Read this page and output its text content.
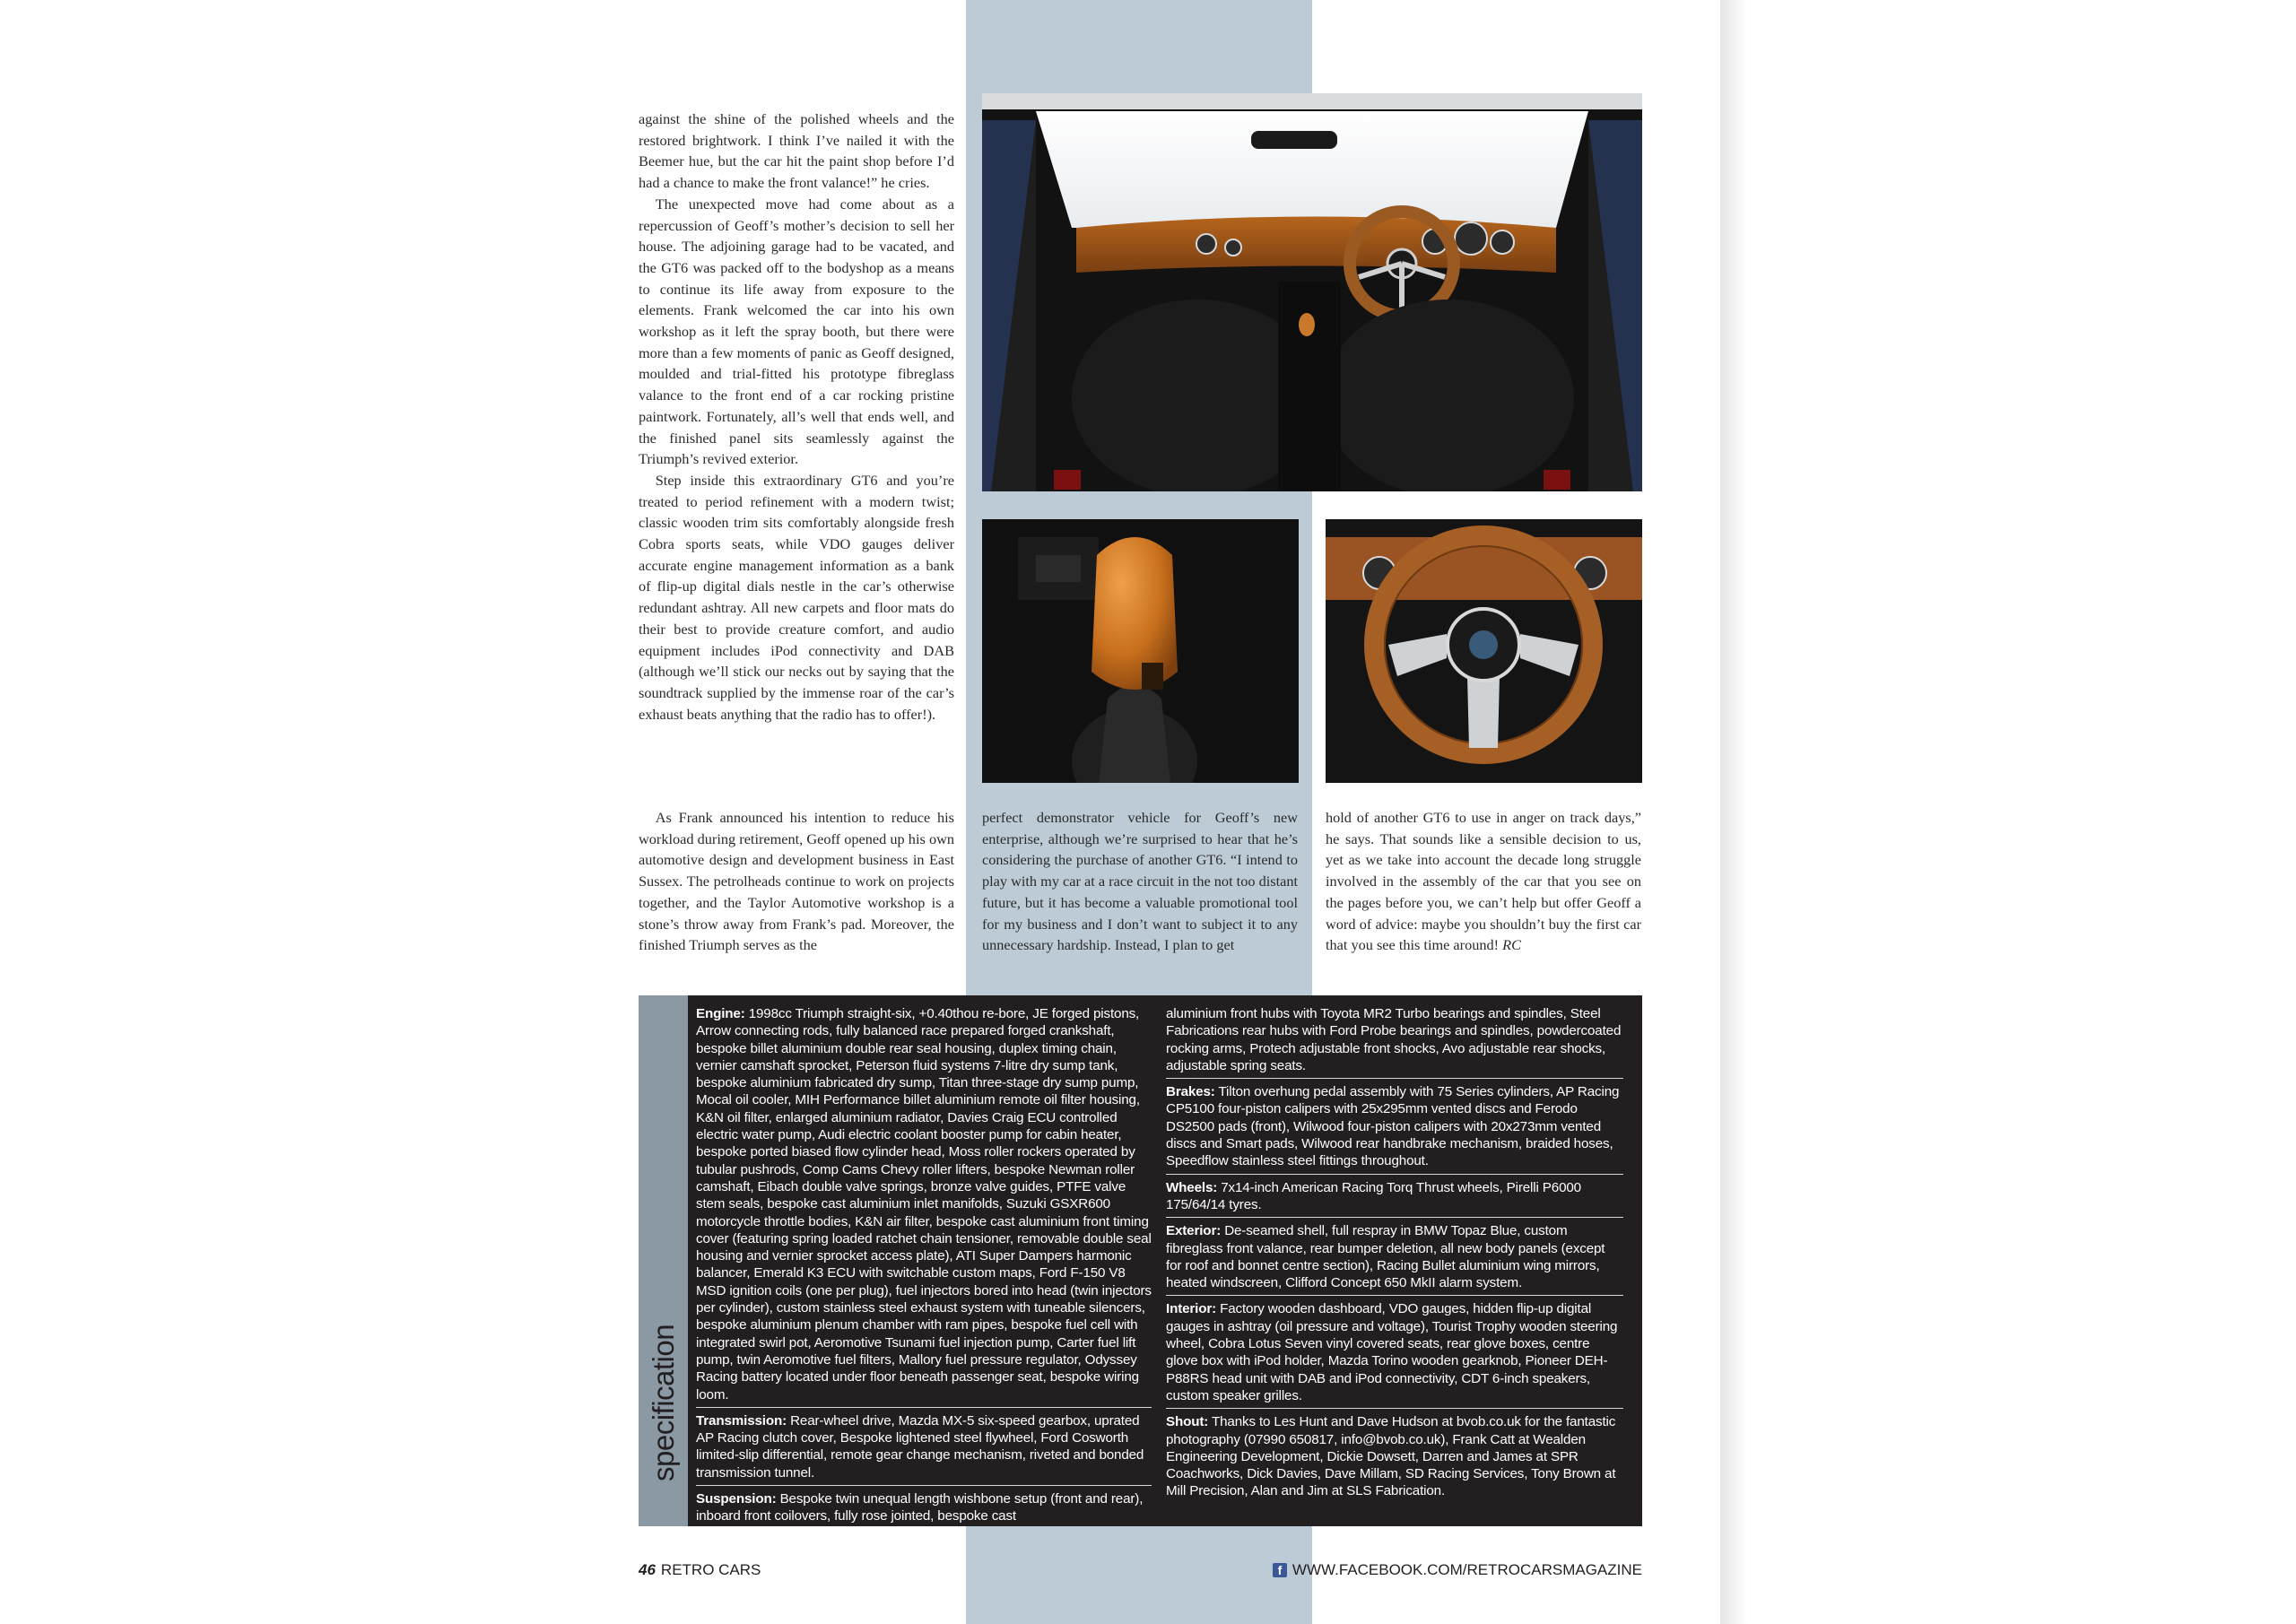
against the shine of the polished wheels and the restored brightwork. I think I’ve nailed it with the Beemer hue, but the car hit the paint shop before I’d had a chance to make the front valance!” he cries.

The unexpected move had come about as a repercussion of Geoff’s mother’s decision to sell her house. The adjoining garage had to be vacated, and the GT6 was packed off to the bodyshop as a means to continue its life away from exposure to the elements. Frank welcomed the car into his own workshop as it left the spray booth, but there were more than a few moments of panic as Geoff designed, moulded and trial-fitted his prototype fibreglass valance to the front end of a car rocking pristine paintwork. Fortunately, all’s well that ends well, and the finished panel sits seamlessly against the Triumph’s revived exterior.

Step inside this extraordinary GT6 and you’re treated to period refinement with a modern twist; classic wooden trim sits comfortably alongside fresh Cobra sports seats, while VDO gauges deliver accurate engine management information as a bank of flip-up digital dials nestle in the car’s otherwise redundant ashtray. All new carpets and floor mats do their best to provide creature comfort, and audio equipment includes iPod connectivity and DAB (although we’ll stick our necks out by saying that the soundtrack supplied by the immense roar of the car’s exhaust beats anything that the radio has to offer!).

As Frank announced his intention to reduce his workload during retirement, Geoff opened up his own automotive design and development business in East Sussex. The petrolheads continue to work on projects together, and the Taylor Automotive workshop is a stone’s throw away from Frank’s pad. Moreover, the finished Triumph serves as the

perfect demonstrator vehicle for Geoff’s new enterprise, although we’re surprised to hear that he’s considering the purchase of another GT6. “I intend to play with my car at a race circuit in the not too distant future, but it has become a valuable promotional tool for my business and I don’t want to subject it to any unnecessary hardship. Instead, I plan to get

hold of another GT6 to use in anger on track days,” he says. That sounds like a sensible decision to us, yet as we take into account the decade long struggle involved in the assembly of the car that you see on the pages before you, we can’t help but offer Geoff a word of advice: maybe you shouldn’t buy the first car that you see this time around! RC

specification
Engine: 1998cc Triumph straight-six, +0.40thou re-bore, JE forged pistons, Arrow connecting rods, fully balanced race prepared forged crankshaft, bespoke billet aluminium double rear seal housing, duplex timing chain, vernier camshaft sprocket, Peterson fluid systems 7-litre dry sump tank, bespoke aluminium fabricated dry sump, Titan three-stage dry sump pump, Mocal oil cooler, MIH Performance billet aluminium remote oil filter housing, K&N oil filter, enlarged aluminium radiator, Davies Craig ECU controlled electric water pump, Audi electric coolant booster pump for cabin heater, bespoke ported biased flow cylinder head, Moss roller rockers operated by tubular pushrods, Comp Cams Chevy roller lifters, bespoke Newman roller camshaft, Eibach double valve springs, bronze valve guides, PTFE valve stem seals, bespoke cast aluminium inlet manifolds, Suzuki GSXR600 motorcycle throttle bodies, K&N air filter, bespoke cast aluminium front timing cover (featuring spring loaded ratchet chain tensioner, removable double seal housing and vernier sprocket access plate), ATI Super Dampers harmonic balancer, Emerald K3 ECU with switchable custom maps, Ford F-150 V8 MSD ignition coils (one per plug), fuel injectors bored into head (twin injectors per cylinder), custom stainless steel exhaust system with tuneable silencers, bespoke aluminium plenum chamber with ram pipes, bespoke fuel cell with integrated swirl pot, Aeromotive Tsunami fuel injection pump, Carter fuel lift pump, twin Aeromotive fuel filters, Mallory fuel pressure regulator, Odyssey Racing battery located under floor beneath passenger seat, bespoke wiring loom.
Transmission: Rear-wheel drive, Mazda MX-5 six-speed gearbox, uprated AP Racing clutch cover, Bespoke lightened steel flywheel, Ford Cosworth limited-slip differential, remote gear change mechanism, riveted and bonded transmission tunnel.
Suspension: Bespoke twin unequal length wishbone setup (front and rear), inboard front coilovers, fully rose jointed, bespoke cast
aluminium front hubs with Toyota MR2 Turbo bearings and spindles, Steel Fabrications rear hubs with Ford Probe bearings and spindles, powdercoated rocking arms, Protech adjustable front shocks, Avo adjustable rear shocks, adjustable spring seats.
Brakes: Tilton overhung pedal assembly with 75 Series cylinders, AP Racing CP5100 four-piston calipers with 25x295mm vented discs and Ferodo DS2500 pads (front), Wilwood four-piston calipers with 20x273mm vented discs and Smart pads, Wilwood rear handbrake mechanism, braided hoses, Speedflow stainless steel fittings throughout.
Wheels: 7x14-inch American Racing Torq Thrust wheels, Pirelli P6000 175/64/14 tyres.
Exterior: De-seamed shell, full respray in BMW Topaz Blue, custom fibreglass front valance, rear bumper deletion, all new body panels (except for roof and bonnet centre section), Racing Bullet aluminium wing mirrors, heated windscreen, Clifford Concept 650 MkII alarm system.
Interior: Factory wooden dashboard, VDO gauges, hidden flip-up digital gauges in ashtray (oil pressure and voltage), Tourist Trophy wooden steering wheel, Cobra Lotus Seven vinyl covered seats, rear glove boxes, centre glove box with iPod holder, Mazda Torino wooden gearknob, Pioneer DEH-P88RS head unit with DAB and iPod connectivity, CDT 6-inch speakers, custom speaker grilles.
Shout: Thanks to Les Hunt and Dave Hudson at bvob.co.uk for the fantastic photography (07990 650817, info@bvob.co.uk), Frank Catt at Wealden Engineering Development, Dickie Dowsett, Darren and James at SPR Coachworks, Dick Davies, Dave Millam, SD Racing Services, Tony Brown at Mill Precision, Alan and Jim at SLS Fabrication.
46 RETRO CARS	f WWW.FACEBOOK.COM/RETROCARSMAGAZINE
